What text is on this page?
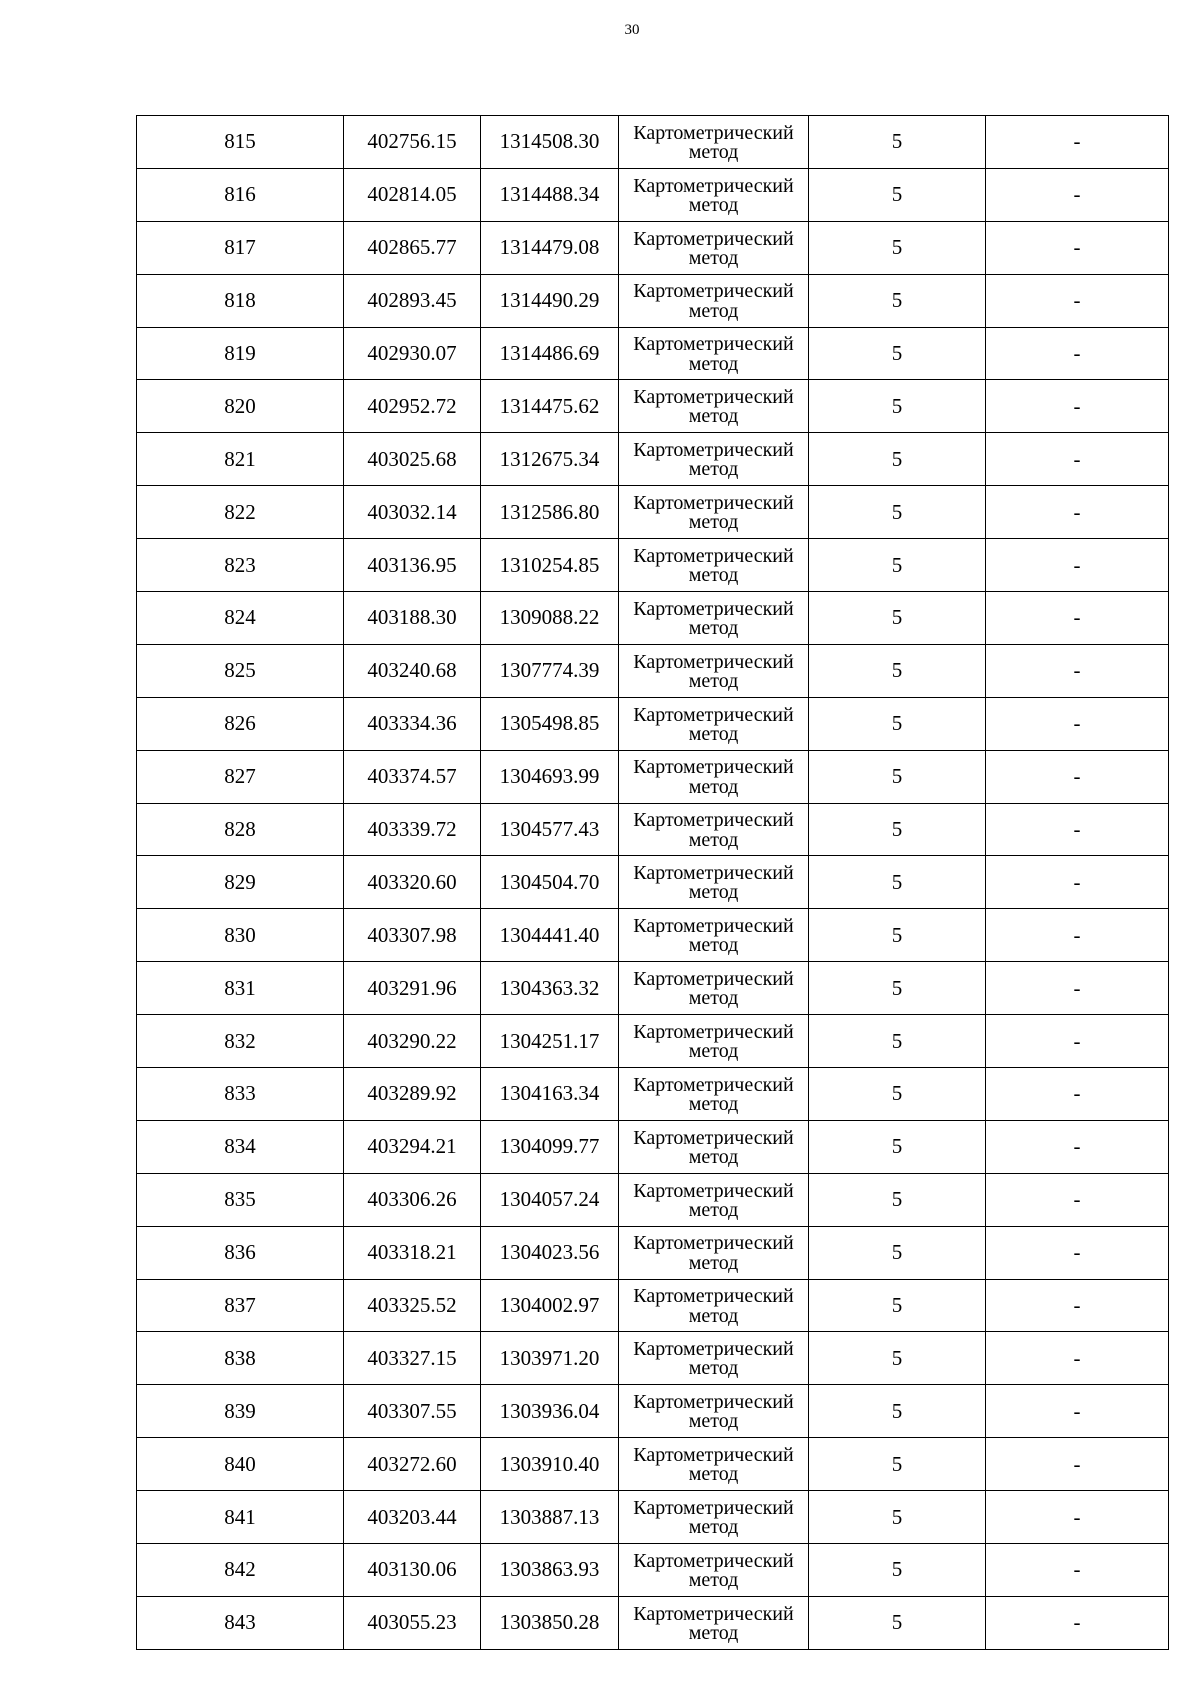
30
815	402756.15	1314508.30	Картометрический
метод	5	-
816	402814.05	1314488.34	Картометрический
метод	5	-
817	402865.77	1314479.08	Картометрический
метод	5	-
818	402893.45	1314490.29	Картометрический
метод	5	-
819	402930.07	1314486.69	Картометрический
метод	5	-
820	402952.72	1314475.62	Картометрический
метод	5	-
821	403025.68	1312675.34	Картометрический
метод	5	-
822	403032.14	1312586.80	Картометрический
метод	5	-
823	403136.95	1310254.85	Картометрический
метод	5	-
824	403188.30	1309088.22	Картометрический
метод	5	-
825	403240.68	1307774.39	Картометрический
метод	5	-
826	403334.36	1305498.85	Картометрический
метод	5	-
827	403374.57	1304693.99	Картометрический
метод	5	-
828	403339.72	1304577.43	Картометрический
метод	5	-
829	403320.60	1304504.70	Картометрический
метод	5	-
830	403307.98	1304441.40	Картометрический
метод	5	-
831	403291.96	1304363.32	Картометрический
метод	5	-
832	403290.22	1304251.17	Картометрический
метод	5	-
833	403289.92	1304163.34	Картометрический
метод	5	-
834	403294.21	1304099.77	Картометрический
метод	5	-
835	403306.26	1304057.24	Картометрический
метод	5	-
836	403318.21	1304023.56	Картометрический
метод	5	-
837	403325.52	1304002.97	Картометрический
метод	5	-
838	403327.15	1303971.20	Картометрический
метод	5	-
839	403307.55	1303936.04	Картометрический
метод	5	-
840	403272.60	1303910.40	Картометрический
метод	5	-
841	403203.44	1303887.13	Картометрический
метод	5	-
842	403130.06	1303863.93	Картометрический
метод	5	-
843	403055.23	1303850.28	Картометрический
метод	5	-
